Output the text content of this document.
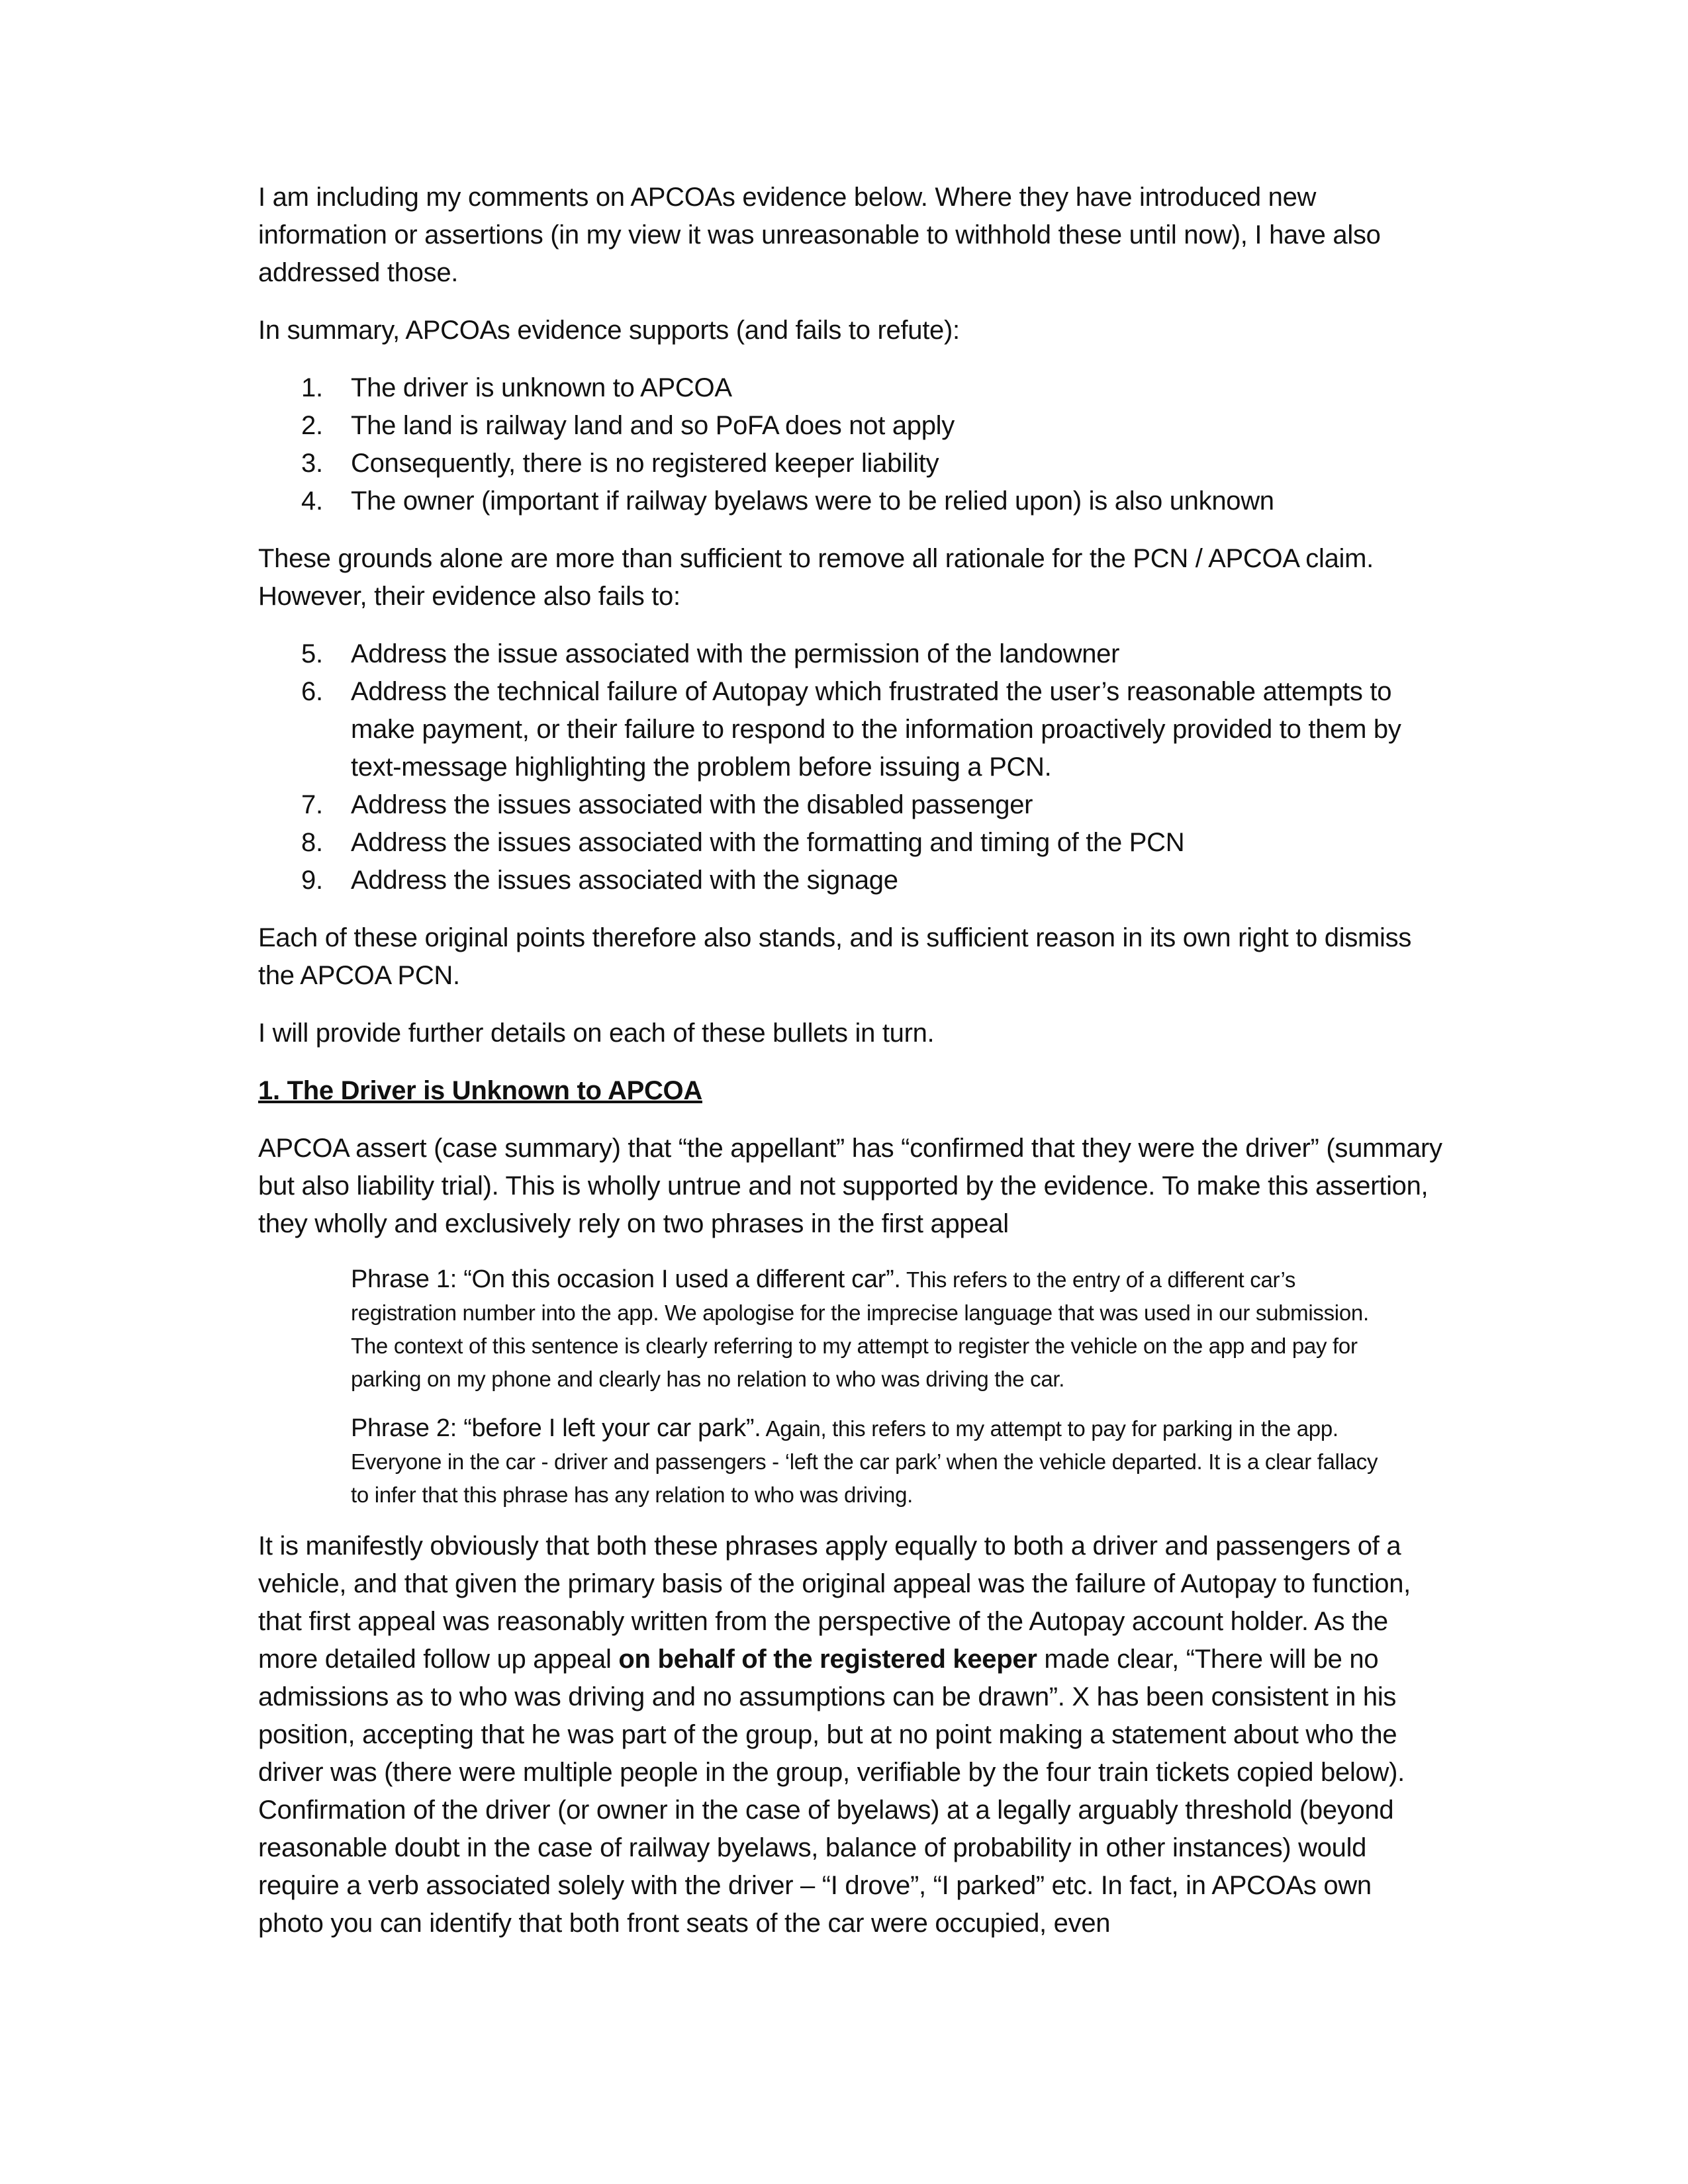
I am including my comments on APCOAs evidence below. Where they have introduced new information or assertions (in my view it was unreasonable to withhold these until now), I have also addressed those.

In summary, APCOAs evidence supports (and fails to refute):

1.	The driver is unknown to APCOA
2.	The land is railway land and so PoFA does not apply
3.	Consequently, there is no registered keeper liability
4.	The owner (important if railway byelaws were to be relied upon) is also unknown

These grounds alone are more than sufficient to remove all rationale for the PCN / APCOA claim. However, their evidence also fails to:

5.	Address the issue associated with the permission of the landowner
6.	Address the technical failure of Autopay which frustrated the user’s reasonable attempts to make payment, or their failure to respond to the information proactively provided to them by text-message highlighting the problem before issuing a PCN.
7.	Address the issues associated with the disabled passenger
8.	Address the issues associated with the formatting and timing of the PCN
9.	Address the issues associated with the signage

Each of these original points therefore also stands, and is sufficient reason in its own right to dismiss the APCOA PCN.

I will provide further details on each of these bullets in turn.

1. The Driver is Unknown to APCOA

APCOA assert (case summary) that “the appellant” has “confirmed that they were the driver” (summary but also liability trial). This is wholly untrue and not supported by the evidence. To make this assertion, they wholly and exclusively rely on two phrases in the first appeal

Phrase 1: “On this occasion I used a different car”. This refers to the entry of a different car’s registration number into the app. We apologise for the imprecise language that was used in our submission. The context of this sentence is clearly referring to my attempt to register the vehicle on the app and pay for parking on my phone and clearly has no relation to who was driving the car.

Phrase 2: “before I left your car park”. Again, this refers to my attempt to pay for parking in the app. Everyone in the car - driver and passengers - ‘left the car park’ when the vehicle departed. It is a clear fallacy to infer that this phrase has any relation to who was driving.

It is manifestly obviously that both these phrases apply equally to both a driver and passengers of a vehicle, and that given the primary basis of the original appeal was the failure of Autopay to function, that first appeal was reasonably written from the perspective of the Autopay account holder. As the more detailed follow up appeal on behalf of the registered keeper made clear, “There will be no admissions as to who was driving and no assumptions can be drawn”. X has been consistent in his position, accepting that he was part of the group, but at no point making a statement about who the driver was (there were multiple people in the group, verifiable by the four train tickets copied below). Confirmation of the driver (or owner in the case of byelaws) at a legally arguably threshold (beyond reasonable doubt in the case of railway byelaws, balance of probability in other instances) would require a verb associated solely with the driver – “I drove”, “I parked” etc. In fact, in APCOAs own photo you can identify that both front seats of the car were occupied, even
